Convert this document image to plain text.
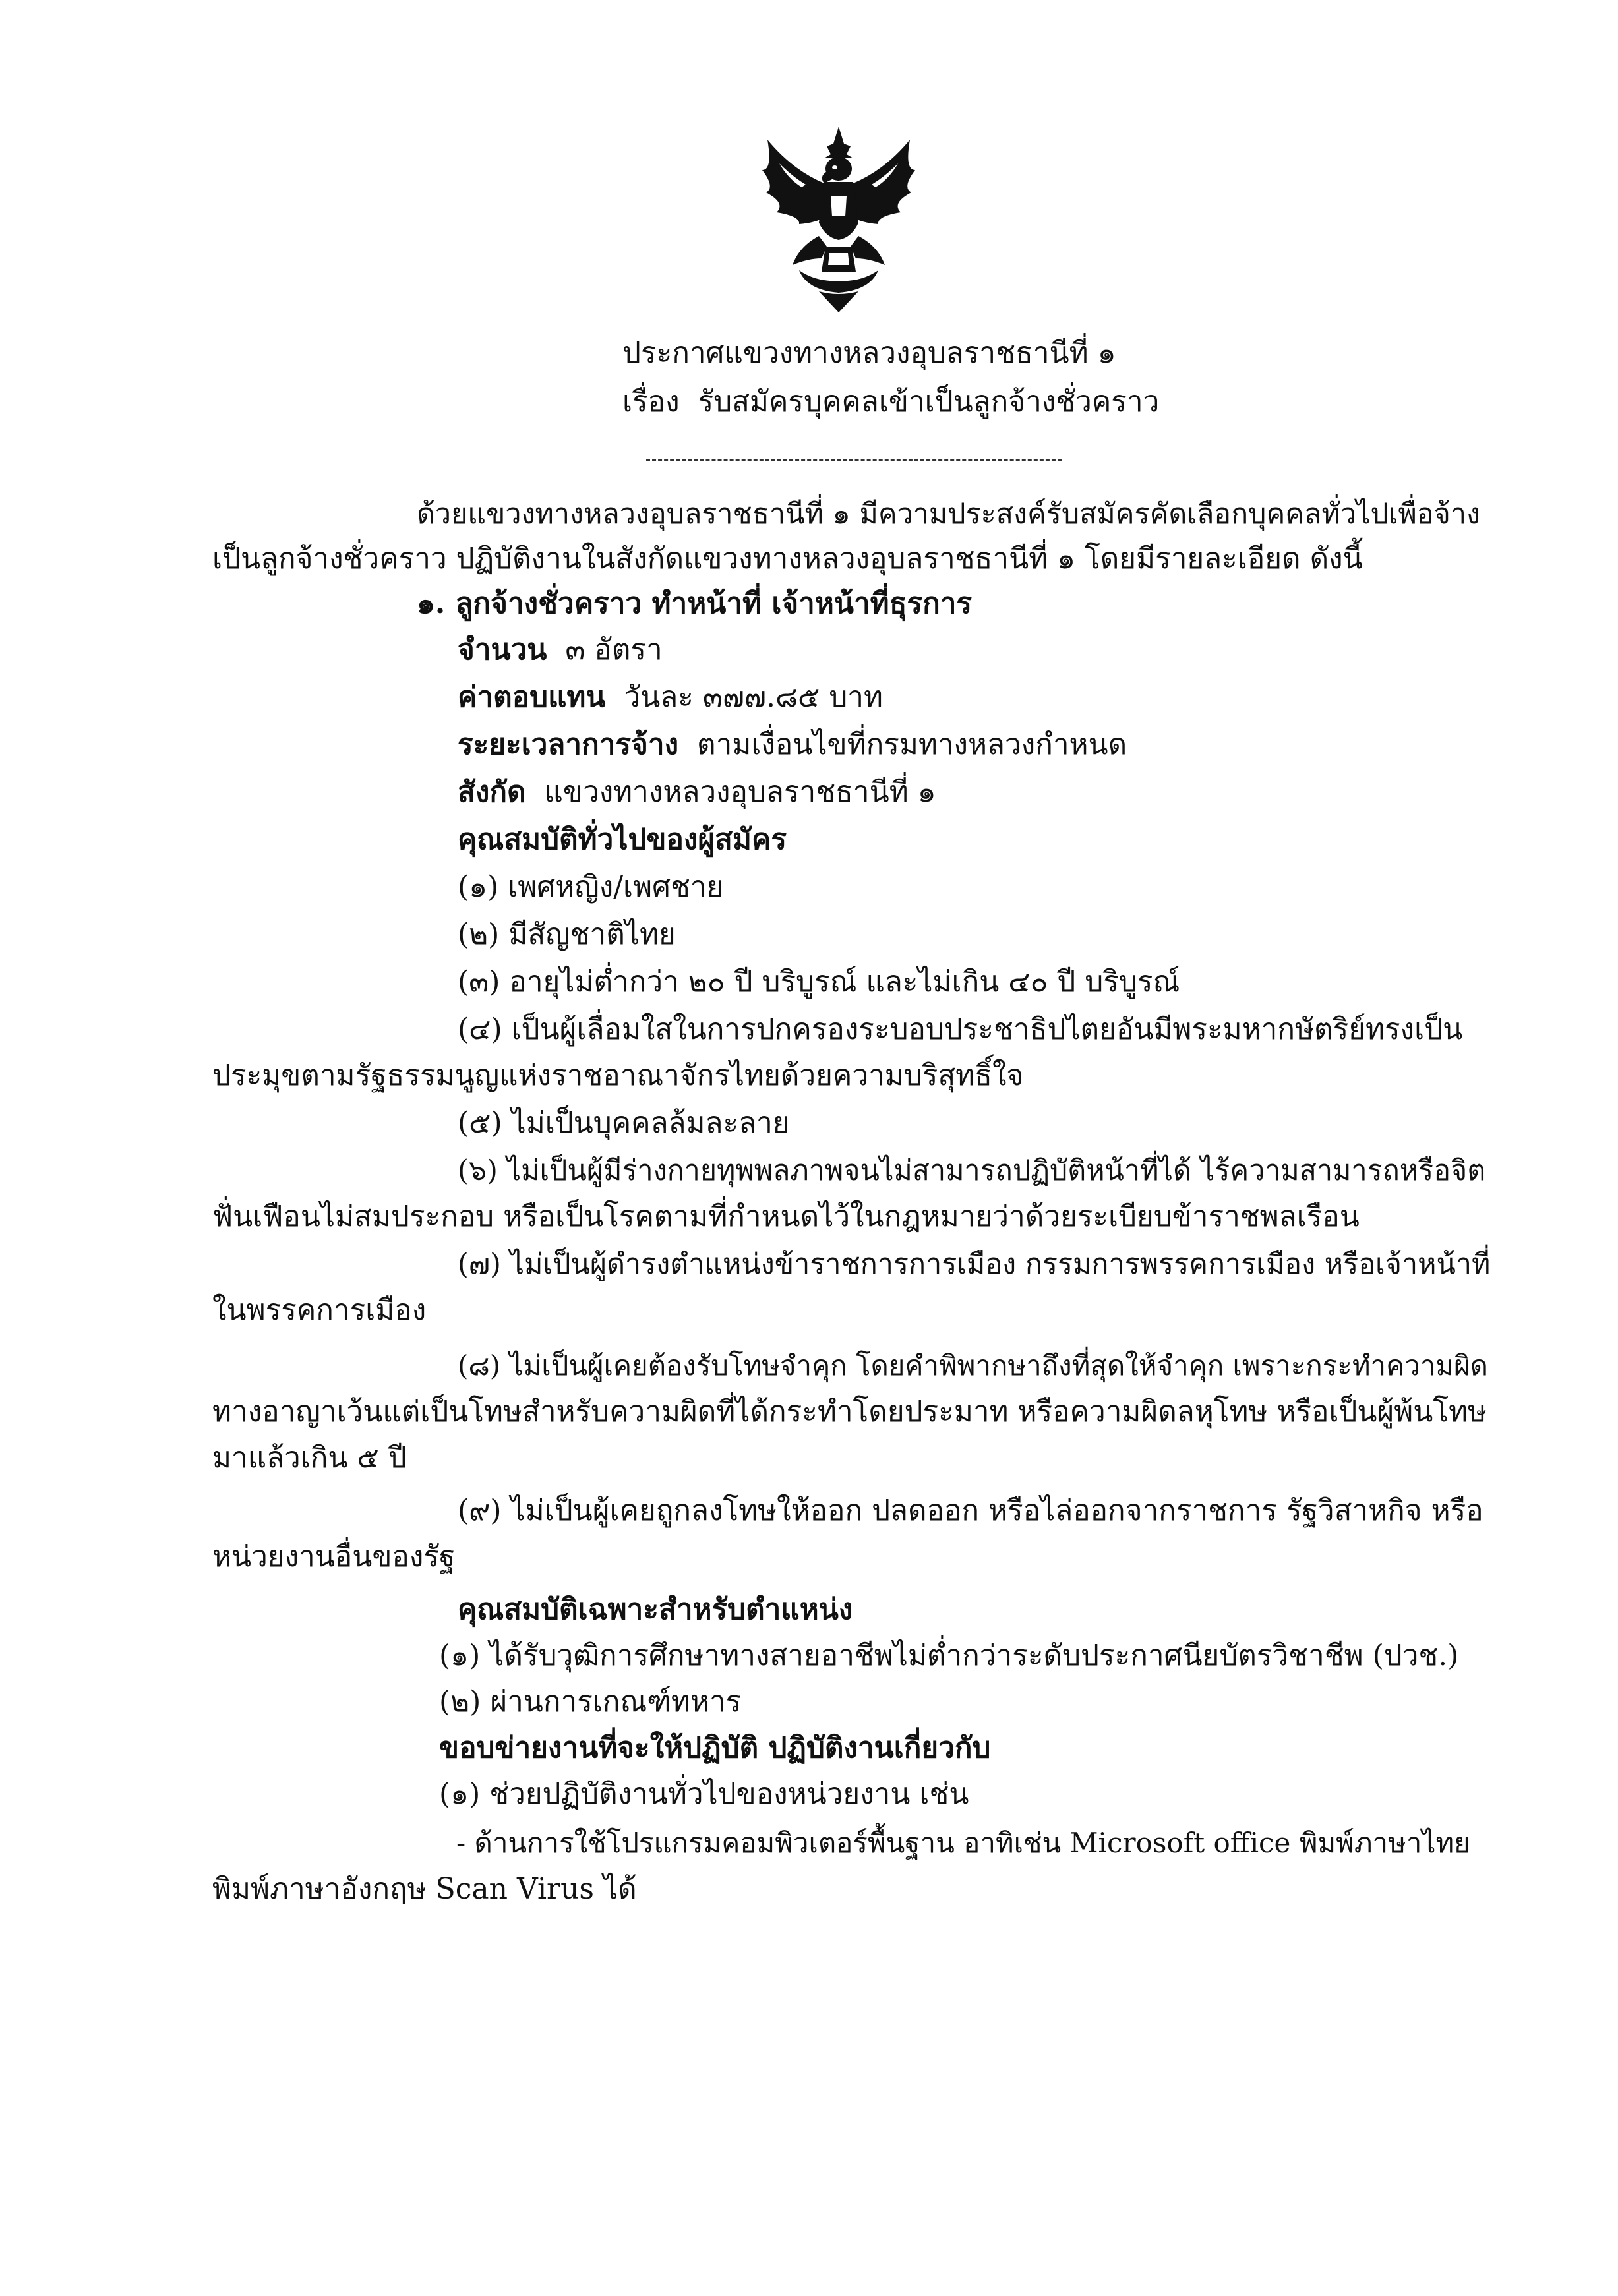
ประกาศแขวงทางหลวงอุบลราชธานีที่ ๑
เรื่อง รับสมัครบุคคลเข้าเป็นลูกจ้างชั่วคราว
ด้วยแขวงทางหลวงอุบลราชธานีที่ ๑ มีความประสงค์รับสมัครคัดเลือกบุคคลทั่วไปเพื่อจ้าง
เป็นลูกจ้างชั่วคราว ปฏิบัติงานในสังกัดแขวงทางหลวงอุบลราชธานีที่ ๑ โดยมีรายละเอียด ดังนี้
๑. ลูกจ้างชั่วคราว ทำหน้าที่ เจ้าหน้าที่ธุรการ
จำนวน ๓ อัตรา
ค่าตอบแทน วันละ ๓๗๗.๘๕ บาท
ระยะเวลาการจ้าง ตามเงื่อนไขที่กรมทางหลวงกำหนด
สังกัด แขวงทางหลวงอุบลราชธานีที่ ๑
คุณสมบัติทั่วไปของผู้สมัคร
(๑) เพศหญิง/เพศชาย
(๒) มีสัญชาติไทย
(๓) อายุไม่ต่ำกว่า ๒๐ ปี บริบูรณ์ และไม่เกิน ๔๐ ปี บริบูรณ์
(๔) เป็นผู้เลื่อมใสในการปกครองระบอบประชาธิปไตยอันมีพระมหากษัตริย์ทรงเป็น
ประมุขตามรัฐธรรมนูญแห่งราชอาณาจักรไทยด้วยความบริสุทธิ์ใจ
(๕) ไม่เป็นบุคคลล้มละลาย
(๖) ไม่เป็นผู้มีร่างกายทุพพลภาพจนไม่สามารถปฏิบัติหน้าที่ได้ ไร้ความสามารถหรือจิต
ฟั่นเฟือนไม่สมประกอบ หรือเป็นโรคตามที่กำหนดไว้ในกฎหมายว่าด้วยระเบียบข้าราชพลเรือน
(๗) ไม่เป็นผู้ดำรงตำแหน่งข้าราชการการเมือง กรรมการพรรคการเมือง หรือเจ้าหน้าที่
ในพรรคการเมือง
(๘) ไม่เป็นผู้เคยต้องรับโทษจำคุก โดยคำพิพากษาถึงที่สุดให้จำคุก เพราะกระทำความผิด
ทางอาญาเว้นแต่เป็นโทษสำหรับความผิดที่ได้กระทำโดยประมาท หรือความผิดลหุโทษ หรือเป็นผู้พ้นโทษ
มาแล้วเกิน ๕ ปี
(๙) ไม่เป็นผู้เคยถูกลงโทษให้ออก ปลดออก หรือไล่ออกจากราชการ รัฐวิสาหกิจ หรือ
หน่วยงานอื่นของรัฐ
คุณสมบัติเฉพาะสำหรับตำแหน่ง
(๑) ได้รับวุฒิการศึกษาทางสายอาชีพไม่ต่ำกว่าระดับประกาศนียบัตรวิชาชีพ (ปวช.)
(๒) ผ่านการเกณฑ์ทหาร
ขอบข่ายงานที่จะให้ปฏิบัติ ปฏิบัติงานเกี่ยวกับ
(๑) ช่วยปฏิบัติงานทั่วไปของหน่วยงาน เช่น
- ด้านการใช้โปรแกรมคอมพิวเตอร์พื้นฐาน อาทิเช่น Microsoft office พิมพ์ภาษาไทย
พิมพ์ภาษาอังกฤษ Scan Virus ได้
